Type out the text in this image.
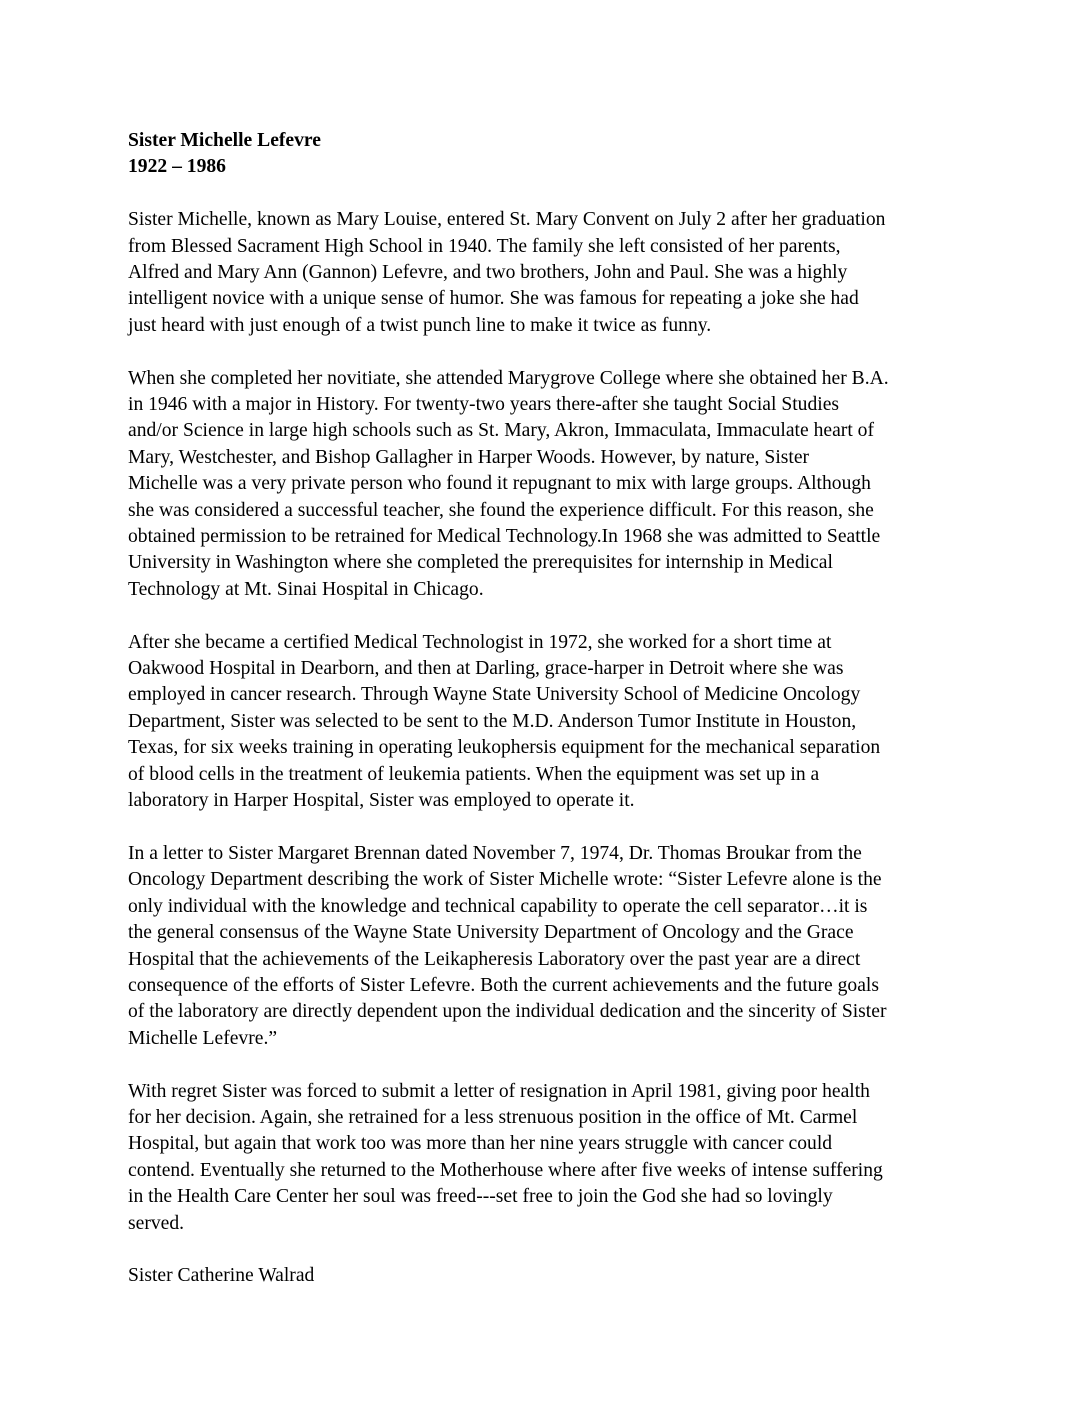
Sister Michelle Lefevre
1922 – 1986

Sister Michelle, known as Mary Louise, entered St. Mary Convent on July 2 after her graduation
from Blessed Sacrament High School in 1940. The family she left consisted of her parents,
Alfred and Mary Ann (Gannon) Lefevre, and two brothers, John and Paul. She was a highly
intelligent novice with a unique sense of humor. She was famous for repeating a joke she had
just heard with just enough of a twist punch line to make it twice as funny.

When she completed her novitiate, she attended Marygrove College where she obtained her B.A.
in 1946 with a major in History. For twenty-two years there-after she taught Social Studies
and/or Science in large high schools such as St. Mary, Akron, Immaculata, Immaculate heart of
Mary, Westchester, and Bishop Gallagher in Harper Woods. However, by nature, Sister
Michelle was a very private person who found it repugnant to mix with large groups. Although
she was considered a successful teacher, she found the experience difficult. For this reason, she
obtained permission to be retrained for Medical Technology.In 1968 she was admitted to Seattle
University in Washington where she completed the prerequisites for internship in Medical
Technology at Mt. Sinai Hospital in Chicago.

After she became a certified Medical Technologist in 1972, she worked for a short time at
Oakwood Hospital in Dearborn, and then at Darling, grace-harper in Detroit where she was
employed in cancer research. Through Wayne State University School of Medicine Oncology
Department, Sister was selected to be sent to the M.D. Anderson Tumor Institute in Houston,
Texas, for six weeks training in operating leukophersis equipment for the mechanical separation
of blood cells in the treatment of leukemia patients. When the equipment was set up in a
laboratory in Harper Hospital, Sister was employed to operate it.

In a letter to Sister Margaret Brennan dated November 7, 1974, Dr. Thomas Broukar from the
Oncology Department describing the work of Sister Michelle wrote: “Sister Lefevre alone is the
only individual with the knowledge and technical capability to operate the cell separator…it is
the general consensus of the Wayne State University Department of Oncology and the Grace
Hospital that the achievements of the Leikapheresis Laboratory over the past year are a direct
consequence of the efforts of Sister Lefevre. Both the current achievements and the future goals
of the laboratory are directly dependent upon the individual dedication and the sincerity of Sister
Michelle Lefevre.”

With regret Sister was forced to submit a letter of resignation in April 1981, giving poor health
for her decision. Again, she retrained for a less strenuous position in the office of Mt. Carmel
Hospital, but again that work too was more than her nine years struggle with cancer could
contend. Eventually she returned to the Motherhouse where after five weeks of intense suffering
in the Health Care Center her soul was freed---set free to join the God she had so lovingly
served.

Sister Catherine Walrad
